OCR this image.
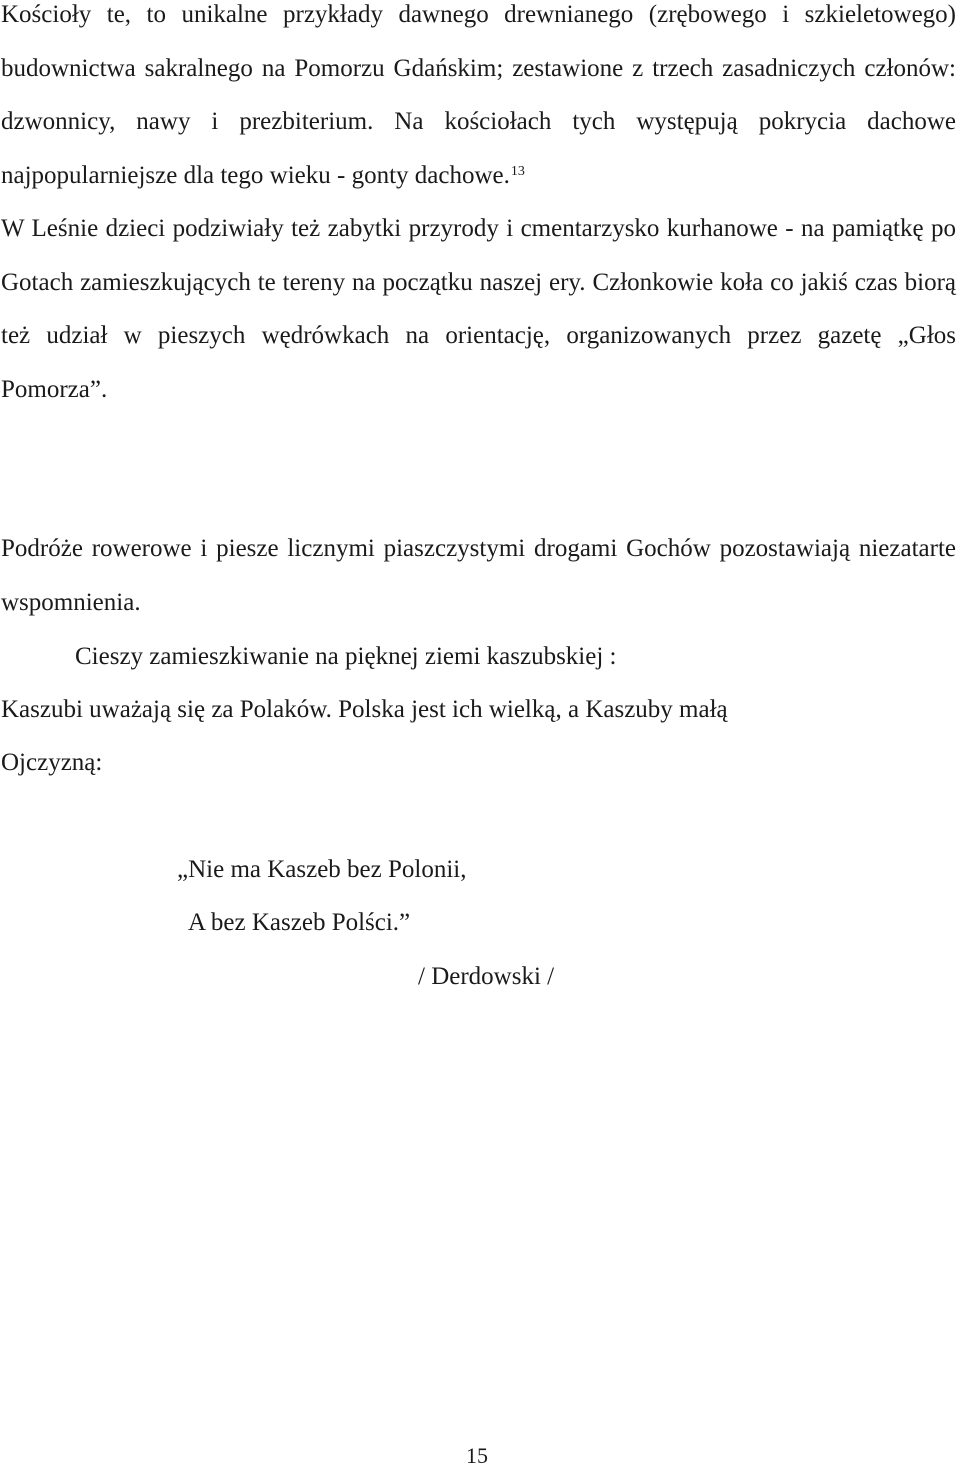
Kościoły te, to unikalne przykłady dawnego drewnianego (zrębowego i szkieletowego) budownictwa sakralnego na Pomorzu Gdańskim; zestawione z trzech zasadniczych członów: dzwonnicy, nawy i prezbiterium. Na kościołach tych występują pokrycia dachowe najpopularniejsze dla tego wieku - gonty dachowe.$^{13}$
W Leśnie dzieci podziwiały też zabytki przyrody i cmentarzysko kurhanowe - na pamiątkę po Gotach zamieszkujących te tereny na początku naszej ery. Członkowie koła co jakiś czas biorą też udział w pieszych wędrówkach na orientację, organizowanych przez gazetę „Głos Pomorza”.

Podróże rowerowe i piesze licznymi piaszczystymi drogami Gochów pozostawiają niezatarte wspomnienia.

Cieszy zamieszkiwanie na pięknej ziemi kaszubskiej :

Kaszubi uważają się za Polaków. Polska jest ich wielką, a Kaszuby małą

Ojczyzną:

„Nie ma Kaszeb bez Polonii,

A bez Kaszeb Polści.”

/ Derdowski /

15
